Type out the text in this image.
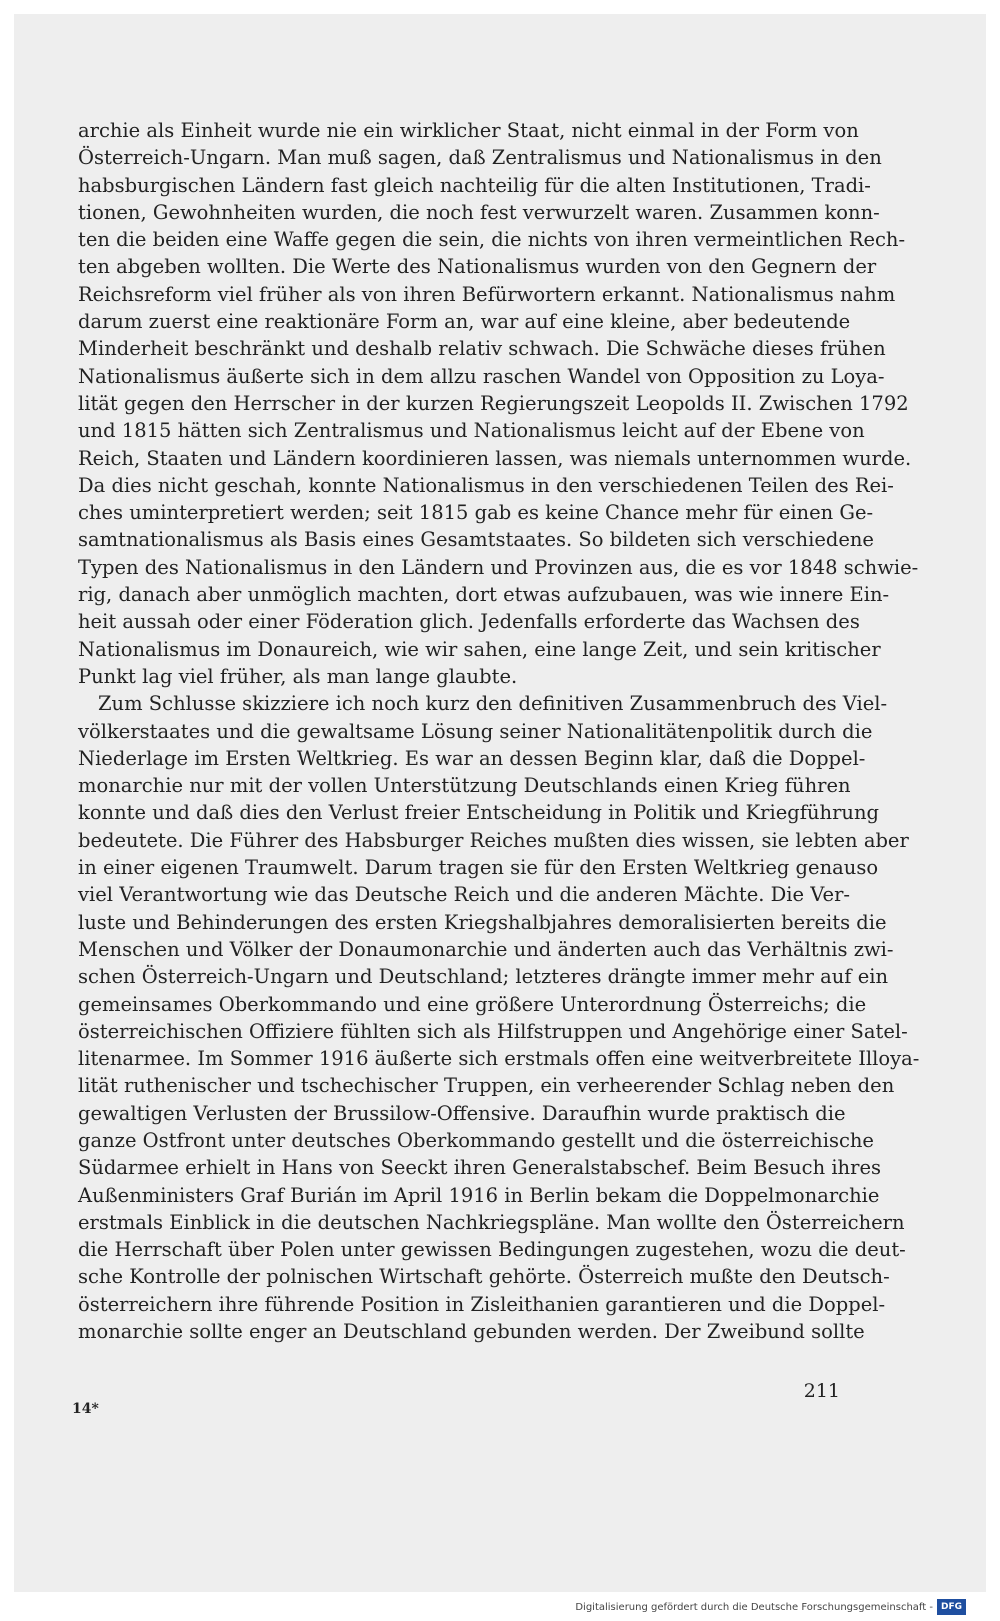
archie als Einheit wurde nie ein wirklicher Staat, nicht einmal in der Form von
Österreich-Ungarn. Man muß sagen, daß Zentralismus und Nationalismus in den
habsburgischen Ländern fast gleich nachteilig für die alten Institutionen, Tradi-
tionen, Gewohnheiten wurden, die noch fest verwurzelt waren. Zusammen konn-
ten die beiden eine Waffe gegen die sein, die nichts von ihren vermeintlichen Rech-
ten abgeben wollten. Die Werte des Nationalismus wurden von den Gegnern der
Reichsreform viel früher als von ihren Befürwortern erkannt. Nationalismus nahm
darum zuerst eine reaktionäre Form an, war auf eine kleine, aber bedeutende
Minderheit beschränkt und deshalb relativ schwach. Die Schwäche dieses frühen
Nationalismus äußerte sich in dem allzu raschen Wandel von Opposition zu Loya-
lität gegen den Herrscher in der kurzen Regierungszeit Leopolds II. Zwischen 1792
und 1815 hätten sich Zentralismus und Nationalismus leicht auf der Ebene von
Reich, Staaten und Ländern koordinieren lassen, was niemals unternommen wurde.
Da dies nicht geschah, konnte Nationalismus in den verschiedenen Teilen des Rei-
ches uminterpretiert werden; seit 1815 gab es keine Chance mehr für einen Ge-
samtnationalismus als Basis eines Gesamtstaates. So bildeten sich verschiedene
Typen des Nationalismus in den Ländern und Provinzen aus, die es vor 1848 schwie-
rig, danach aber unmöglich machten, dort etwas aufzubauen, was wie innere Ein-
heit aussah oder einer Föderation glich. Jedenfalls erforderte das Wachsen des
Nationalismus im Donaureich, wie wir sahen, eine lange Zeit, und sein kritischer
Punkt lag viel früher, als man lange glaubte.
Zum Schlusse skizziere ich noch kurz den definitiven Zusammenbruch des Viel-
völkerstaates und die gewaltsame Lösung seiner Nationalitätenpolitik durch die
Niederlage im Ersten Weltkrieg. Es war an dessen Beginn klar, daß die Doppel-
monarchie nur mit der vollen Unterstützung Deutschlands einen Krieg führen
konnte und daß dies den Verlust freier Entscheidung in Politik und Kriegführung
bedeutete. Die Führer des Habsburger Reiches mußten dies wissen, sie lebten aber
in einer eigenen Traumwelt. Darum tragen sie für den Ersten Weltkrieg genauso
viel Verantwortung wie das Deutsche Reich und die anderen Mächte. Die Ver-
luste und Behinderungen des ersten Kriegshalbjahres demoralisierten bereits die
Menschen und Völker der Donaumonarchie und änderten auch das Verhältnis zwi-
schen Österreich-Ungarn und Deutschland; letzteres drängte immer mehr auf ein
gemeinsames Oberkommando und eine größere Unterordnung Österreichs; die
österreichischen Offiziere fühlten sich als Hilfstruppen und Angehörige einer Satel-
litenarmee. Im Sommer 1916 äußerte sich erstmals offen eine weitverbreitete Illoya-
lität ruthenischer und tschechischer Truppen, ein verheerender Schlag neben den
gewaltigen Verlusten der Brussilow-Offensive. Daraufhin wurde praktisch die
ganze Ostfront unter deutsches Oberkommando gestellt und die österreichische
Südarmee erhielt in Hans von Seeckt ihren Generalstabschef. Beim Besuch ihres
Außenministers Graf Burián im April 1916 in Berlin bekam die Doppelmonarchie
erstmals Einblick in die deutschen Nachkriegspläne. Man wollte den Österreichern
die Herrschaft über Polen unter gewissen Bedingungen zugestehen, wozu die deut-
sche Kontrolle der polnischen Wirtschaft gehörte. Österreich mußte den Deutsch-
österreichern ihre führende Position in Zisleithanien garantieren und die Doppel-
monarchie sollte enger an Deutschland gebunden werden. Der Zweibund sollte
211
14*
Digitalisierung gefördert durch die Deutsche Forschungsgemeinschaft - DFG
